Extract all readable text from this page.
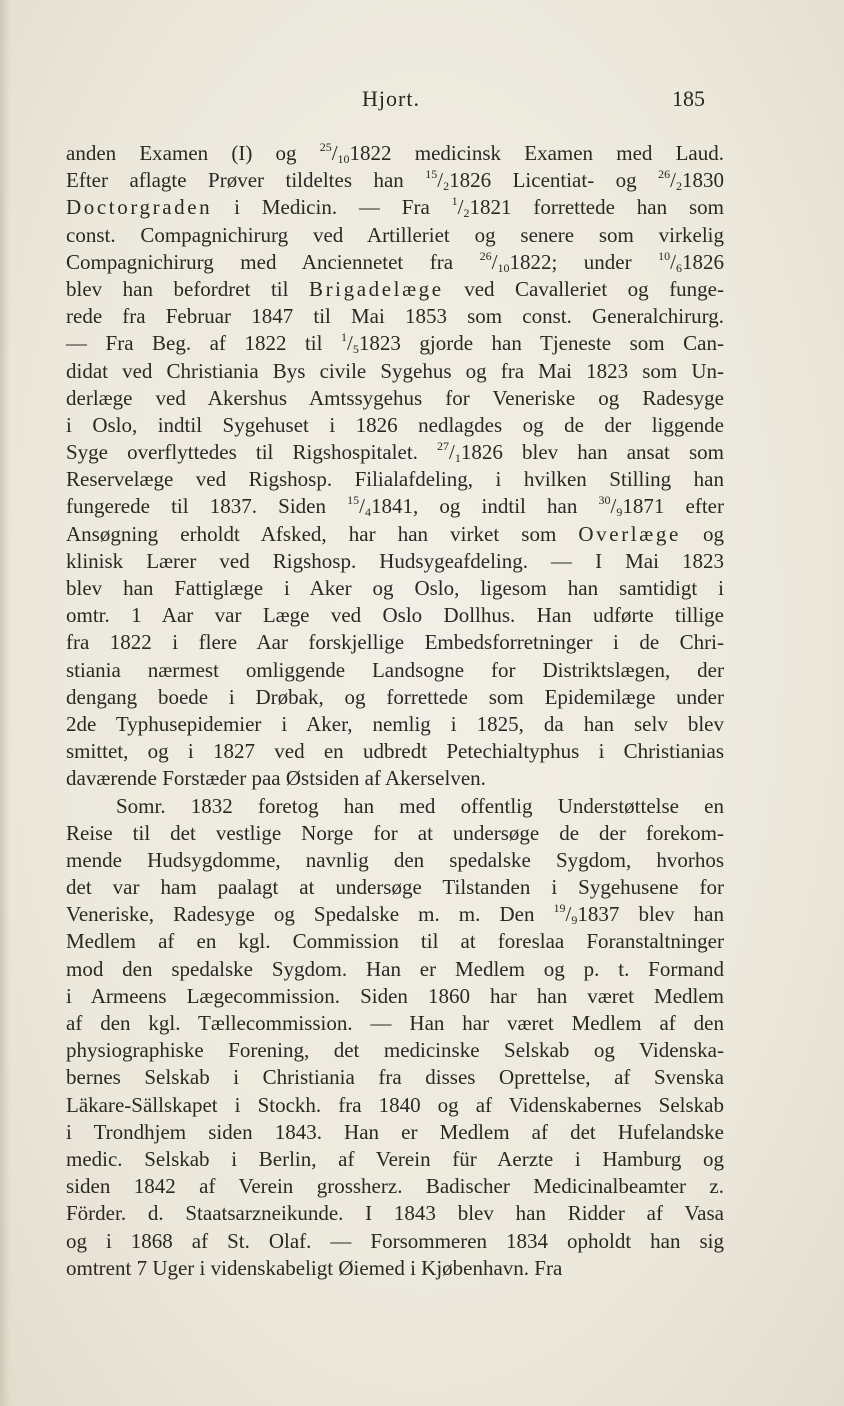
Hjort.	185
anden Examen (I) og $^{25}/_{10}1822$ medicinsk Examen med Laud.
Efter aflagte Prøver tildeltes han $^{15}/_21826$ Licentiat- og $^{26}/_21830$
Doctorgraden i Medicin. — Fra $^1/_21821$ forrettede han som
const. Compagnichirurg ved Artilleriet og senere som virkelig
Compagnichirurg med Anciennetet fra $^{26}/_{10}1822$; under $^{10}/_61826$
blev han befordret til Brigadelæge ved Cavalleriet og funge-
rede fra Februar 1847 til Mai 1853 som const. Generalchirurg.
— Fra Beg. af 1822 til $^1/_51823$ gjorde han Tjeneste som Can-
didat ved Christiania Bys civile Sygehus og fra Mai 1823 som Un-
derlæge ved Akershus Amtssygehus for Veneriske og Radesyge
i Oslo, indtil Sygehuset i 1826 nedlagdes og de der liggende
Syge overflyttedes til Rigshospitalet. $^{27}/_11826$ blev han ansat som
Reservelæge ved Rigshosp. Filialafdeling, i hvilken Stilling han
fungerede til 1837. Siden $^{15}/_41841$, og indtil han $^{30}/_91871$ efter
Ansøgning erholdt Afsked, har han virket som Overlæge og
klinisk Lærer ved Rigshosp. Hudsygeafdeling. — I Mai 1823
blev han Fattiglæge i Aker og Oslo, ligesom han samtidigt i
omtr. 1 Aar var Læge ved Oslo Dollhus. Han udførte tillige
fra 1822 i flere Aar forskjellige Embedsforretninger i de Chri-
stiania nærmest omliggende Landsogne for Distriktslægen, der
dengang boede i Drøbak, og forrettede som Epidemilæge under
2de Typhusepidemier i Aker, nemlig i 1825, da han selv blev
smittet, og i 1827 ved en udbredt Petechialtyphus i Christianias
daværende Forstæder paa Østsiden af Akerselven.
Somr. 1832 foretog han med offentlig Understøttelse en
Reise til det vestlige Norge for at undersøge de der forekom-
mende Hudsygdomme, navnlig den spedalske Sygdom, hvorhos
det var ham paalagt at undersøge Tilstanden i Sygehusene for
Veneriske, Radesyge og Spedalske m. m. Den $^{19}/_91837$ blev han
Medlem af en kgl. Commission til at foreslaa Foranstaltninger
mod den spedalske Sygdom. Han er Medlem og p. t. Formand
i Armeens Lægecommission. Siden 1860 har han været Medlem
af den kgl. Tællecommission. — Han har været Medlem af den
physiographiske Forening, det medicinske Selskab og Videnska-
bernes Selskab i Christiania fra disses Oprettelse, af Svenska
Läkare-Sällskapet i Stockh. fra 1840 og af Videnskabernes Selskab
i Trondhjem siden 1843. Han er Medlem af det Hufelandske
medic. Selskab i Berlin, af Verein für Aerzte i Hamburg og
siden 1842 af Verein grossherz. Badischer Medicinalbeamter z.
Förder. d. Staatsarzneikunde. I 1843 blev han Ridder af Vasa
og i 1868 af St. Olaf. — Forsommeren 1834 opholdt han sig
omtrent 7 Uger i videnskabeligt Øiemed i Kjøbenhavn. Fra
